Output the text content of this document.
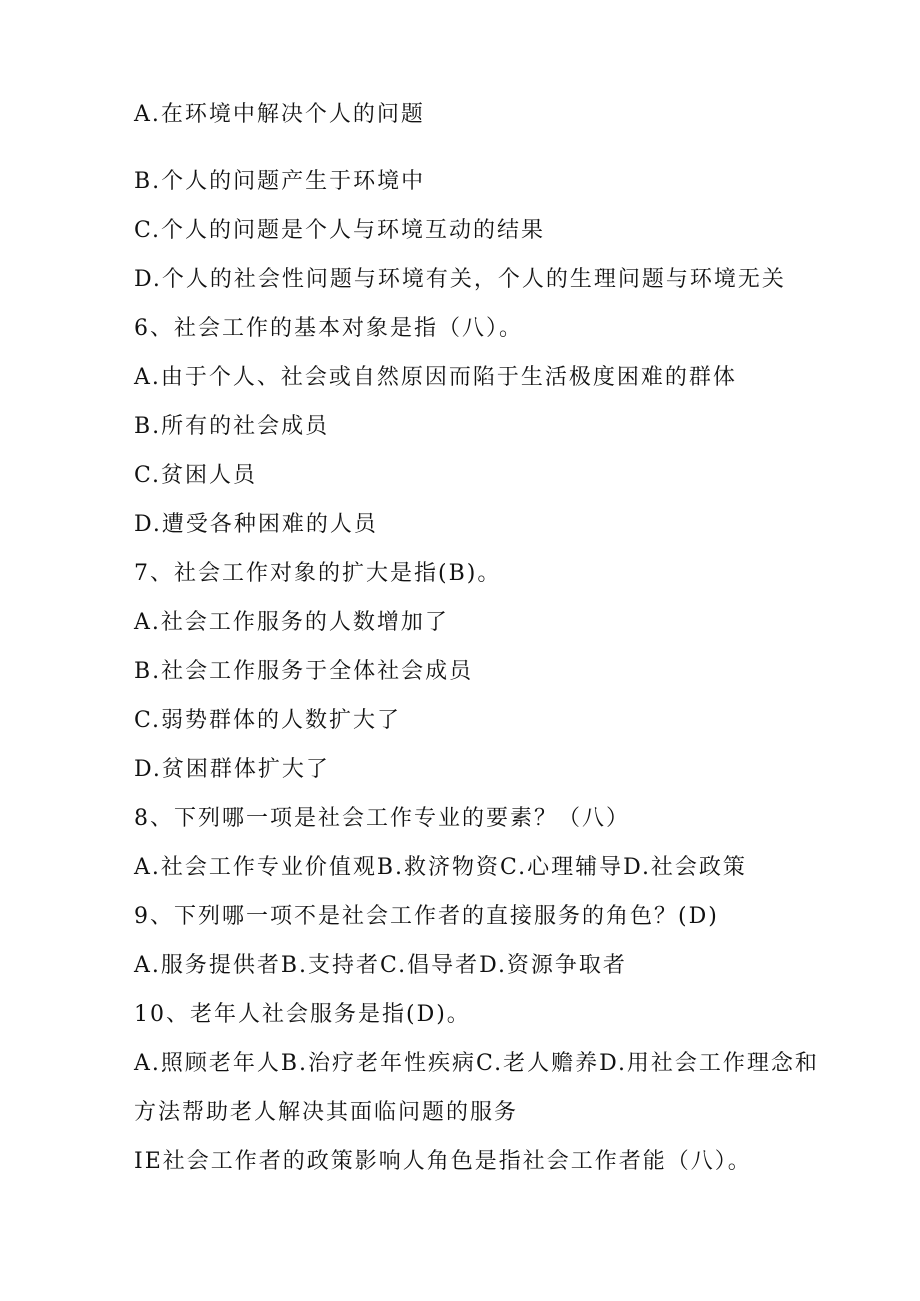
A.在环境中解决个人的问题
B.个人的问题产生于环境中
C.个人的问题是个人与环境互动的结果
D.个人的社会性问题与环境有关，个人的生理问题与环境无关
6、社会工作的基本对象是指（八）。
A.由于个人、社会或自然原因而陷于生活极度困难的群体
B.所有的社会成员
C.贫困人员
D.遭受各种困难的人员
7、社会工作对象的扩大是指(B)。
A.社会工作服务的人数增加了
B.社会工作服务于全体社会成员
C.弱势群体的人数扩大了
D.贫困群体扩大了
8、下列哪一项是社会工作专业的要素？（八）
A.社会工作专业价值观B.救济物资C.心理辅导D.社会政策
9、下列哪一项不是社会工作者的直接服务的角色？(D)
A.服务提供者B.支持者C.倡导者D.资源争取者
10、老年人社会服务是指(D)。
A.照顾老年人B.治疗老年性疾病C.老人赡养D.用社会工作理念和
方法帮助老人解决其面临问题的服务
IE社会工作者的政策影响人角色是指社会工作者能（八）。
